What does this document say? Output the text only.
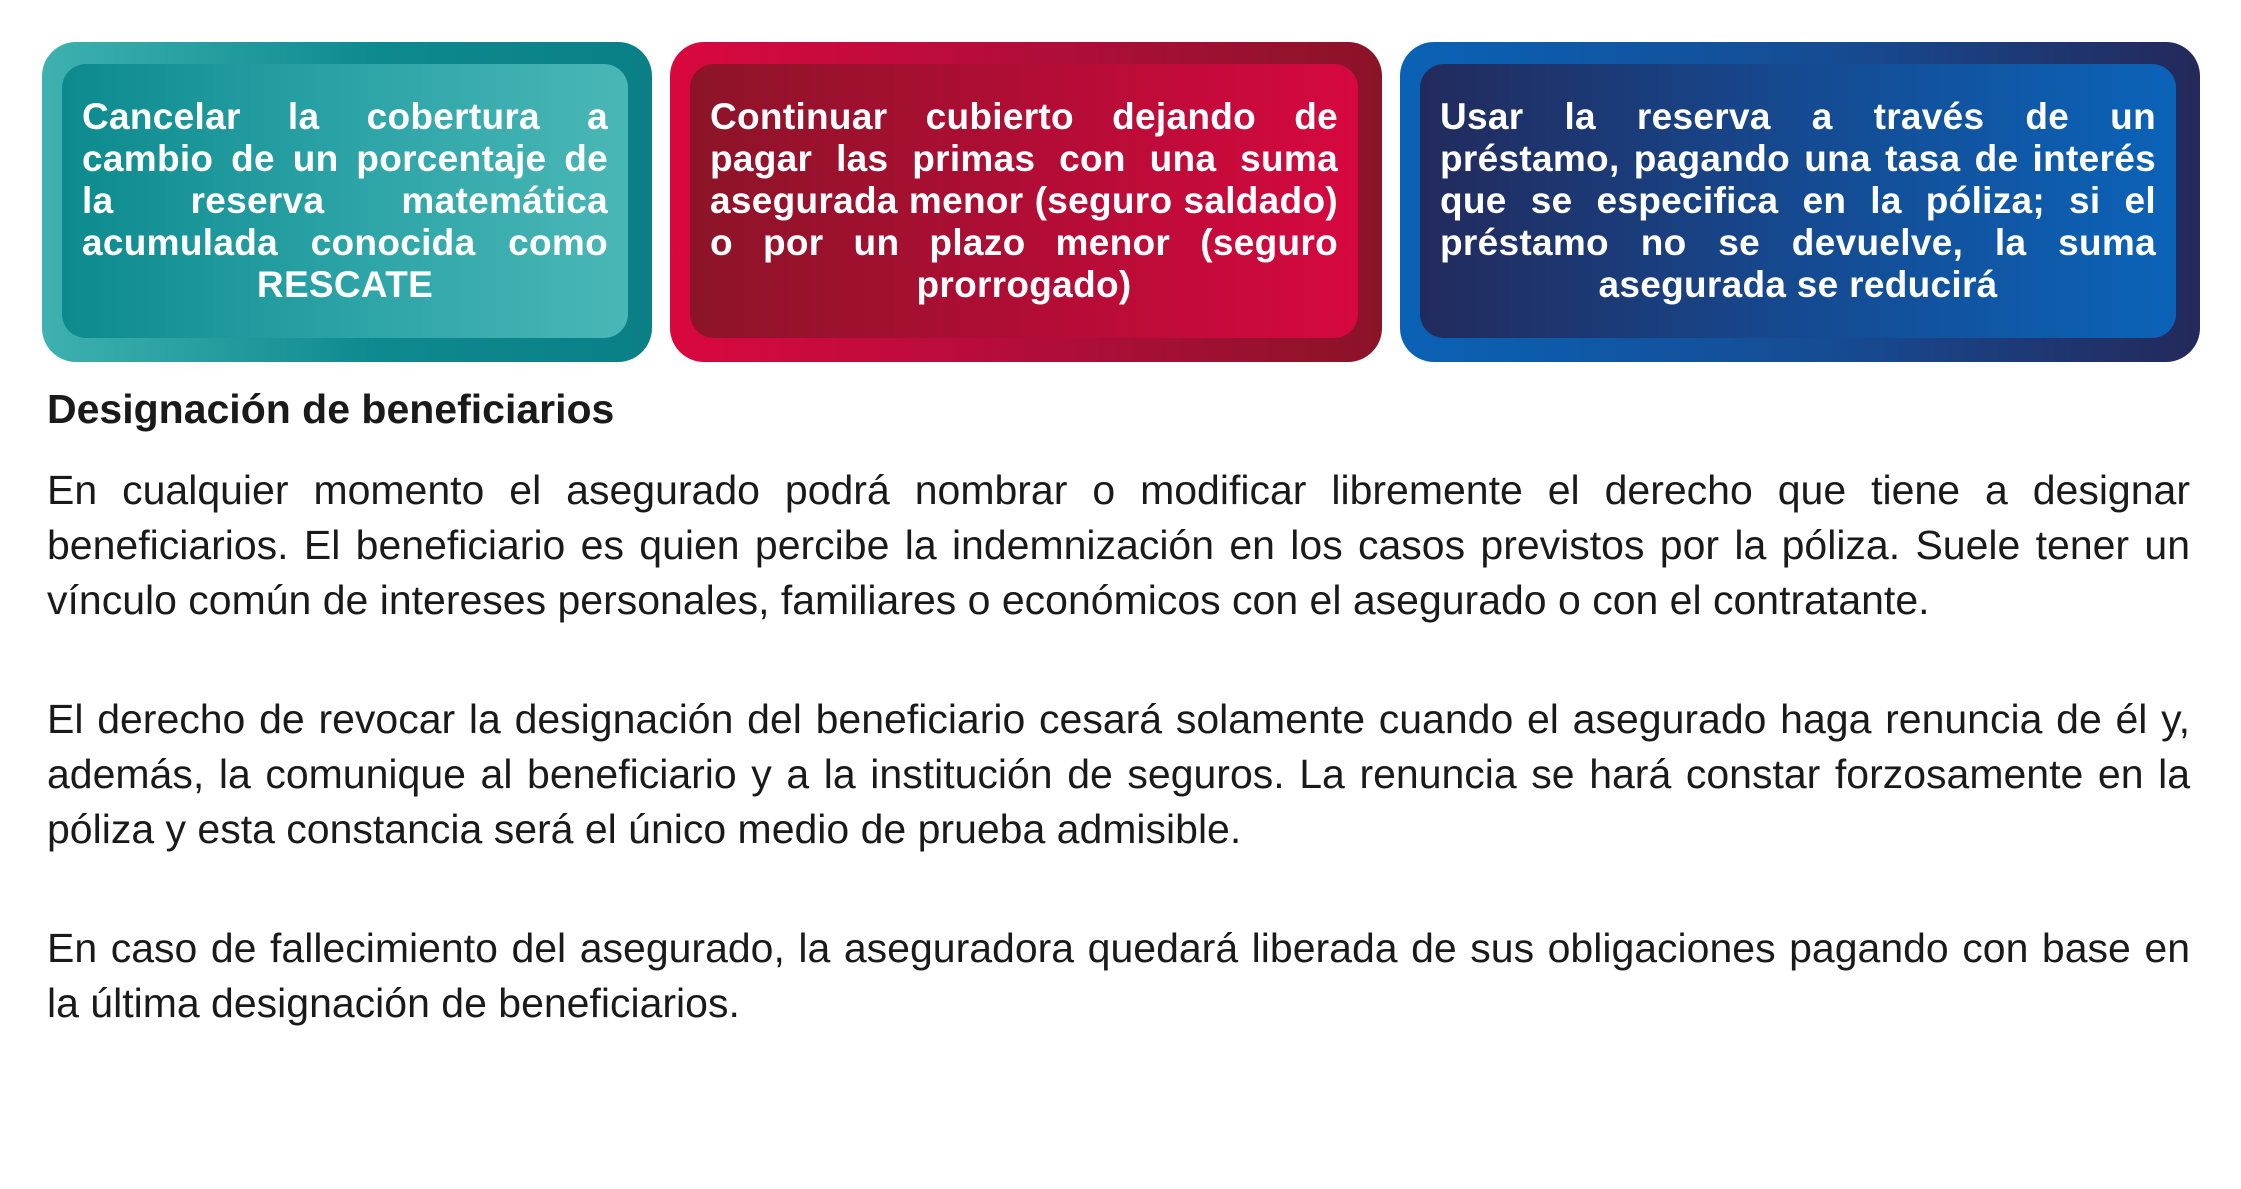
Cancelar la cobertura a cambio de un porcentaje de la reserva matemática acumulada conocida como RESCATE
Continuar cubierto dejando de pagar las primas con una suma asegurada menor (seguro saldado) o por un plazo menor (seguro prorrogado)
Usar la reserva a través de un préstamo, pagando una tasa de interés que se especifica en la póliza; si el préstamo no se devuelve, la suma asegurada se reducirá
Designación de beneficiarios

En cualquier momento el asegurado podrá nombrar o modificar libremente el derecho que tiene a designar beneficiarios. El beneficiario es quien percibe la indemnización en los casos previstos por la póliza. Suele tener un vínculo común de intereses personales, familiares o económicos con el asegurado o con el contratante.

El derecho de revocar la designación del beneficiario cesará solamente cuando el asegurado haga renuncia de él y, además, la comunique al beneficiario y a la institución de seguros. La renuncia se hará constar forzosamente en la póliza y esta constancia será el único medio de prueba admisible.

En caso de fallecimiento del asegurado, la aseguradora quedará liberada de sus obligaciones pagando con base en la última designación de beneficiarios.
